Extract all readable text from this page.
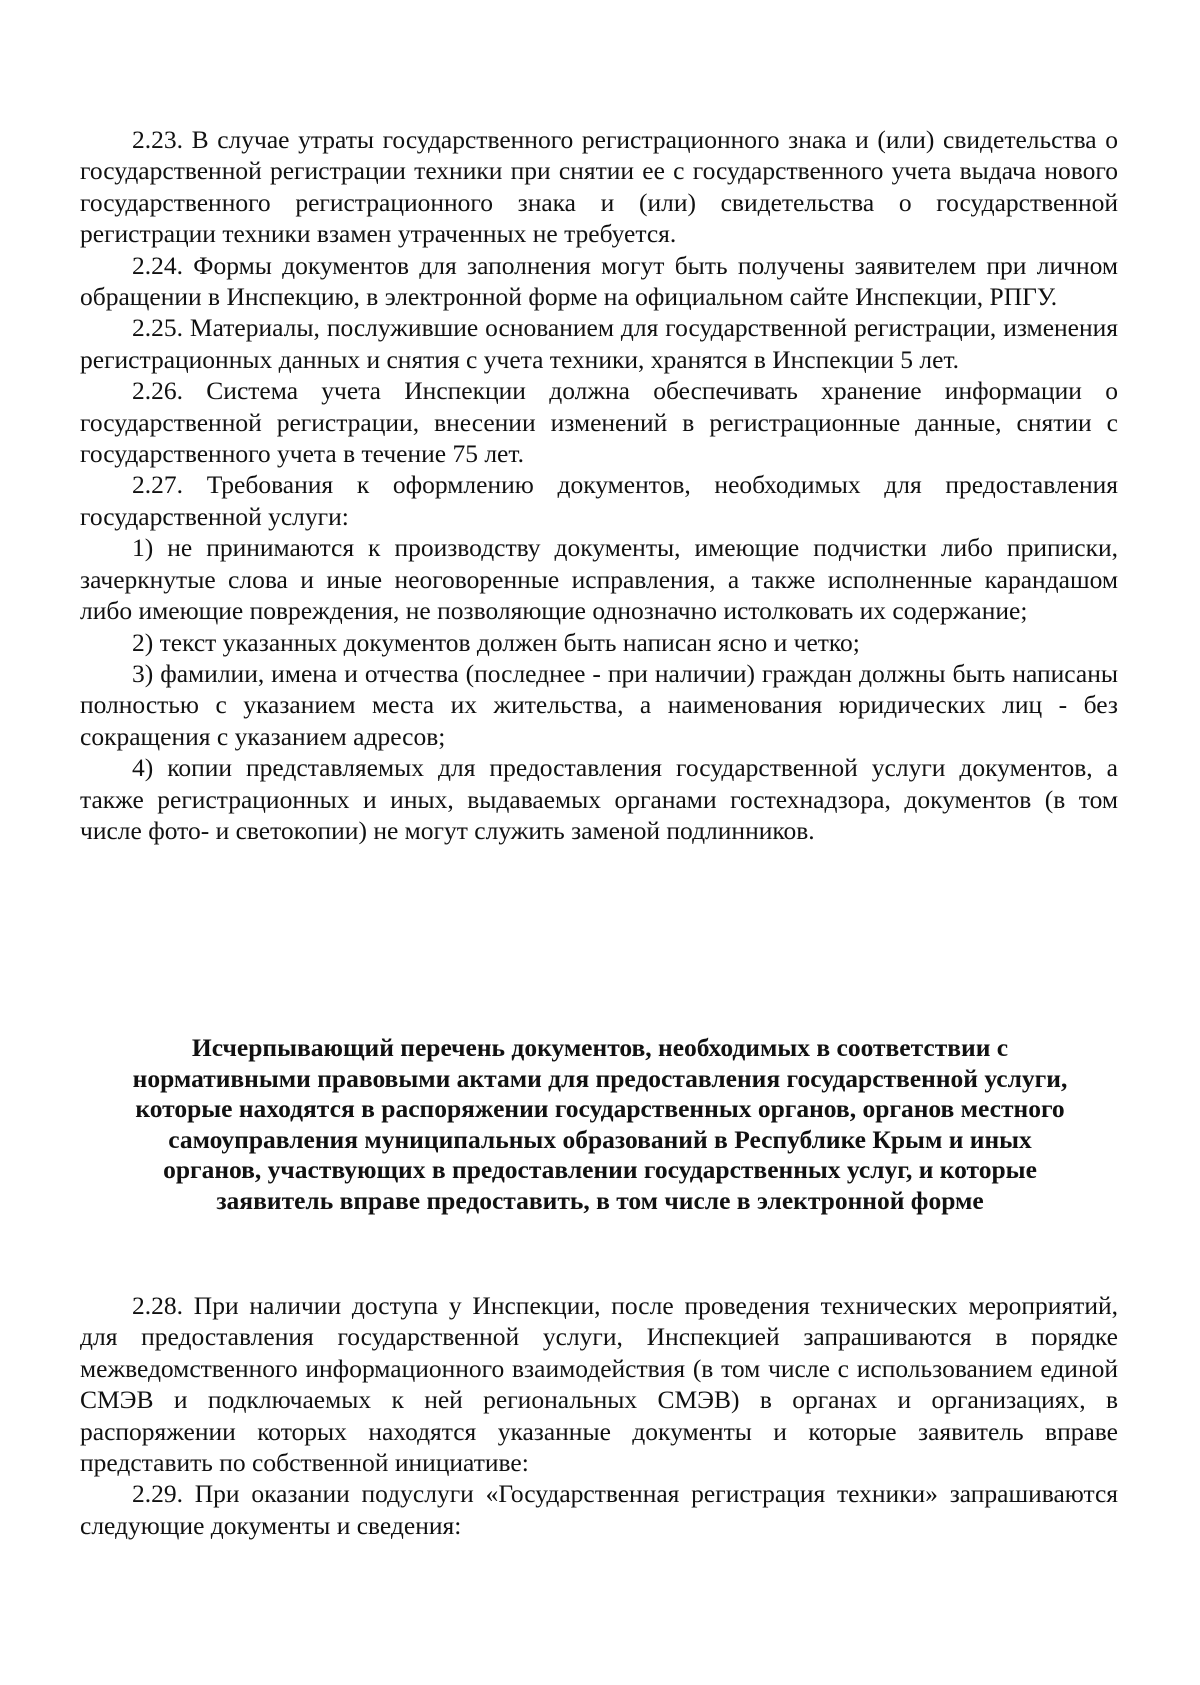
2.23. В случае утраты государственного регистрационного знака и (или) свидетельства о государственной регистрации техники при снятии ее с государственного учета выдача нового государственного регистрационного знака и (или) свидетельства о государственной регистрации техники взамен утраченных не требуется.

2.24. Формы документов для заполнения могут быть получены заявителем при личном обращении в Инспекцию, в электронной форме на официальном сайте Инспекции, РПГУ.

2.25. Материалы, послужившие основанием для государственной регистрации, изменения регистрационных данных и снятия с учета техники, хранятся в Инспекции 5 лет.

2.26. Система учета Инспекции должна обеспечивать хранение информации о государственной регистрации, внесении изменений в регистрационные данные, снятии с государственного учета в течение 75 лет.

2.27. Требования к оформлению документов, необходимых для предоставления государственной услуги:

1) не принимаются к производству документы, имеющие подчистки либо приписки, зачеркнутые слова и иные неоговоренные исправления, а также исполненные карандашом либо имеющие повреждения, не позволяющие однозначно истолковать их содержание;

2) текст указанных документов должен быть написан ясно и четко;

3) фамилии, имена и отчества (последнее - при наличии) граждан должны быть написаны полностью с указанием места их жительства, а наименования юридических лиц - без сокращения с указанием адресов;

4) копии представляемых для предоставления государственной услуги документов, а также регистрационных и иных, выдаваемых органами гостехнадзора, документов (в том числе фото- и светокопии) не могут служить заменой подлинников.

Исчерпывающий перечень документов, необходимых в соответствии с нормативными правовыми актами для предоставления государственной услуги, которые находятся в распоряжении государственных органов, органов местного самоуправления муниципальных образований в Республике Крым и иных органов, участвующих в предоставлении государственных услуг, и которые заявитель вправе предоставить, в том числе в электронной форме

2.28. При наличии доступа у Инспекции, после проведения технических мероприятий, для предоставления государственной услуги, Инспекцией запрашиваются в порядке межведомственного информационного взаимодействия (в том числе с использованием единой СМЭВ и подключаемых к ней региональных СМЭВ) в органах и организациях, в распоряжении которых находятся указанные документы и которые заявитель вправе представить по собственной инициативе:

2.29. При оказании подуслуги «Государственная регистрация техники» запрашиваются следующие документы и сведения:
